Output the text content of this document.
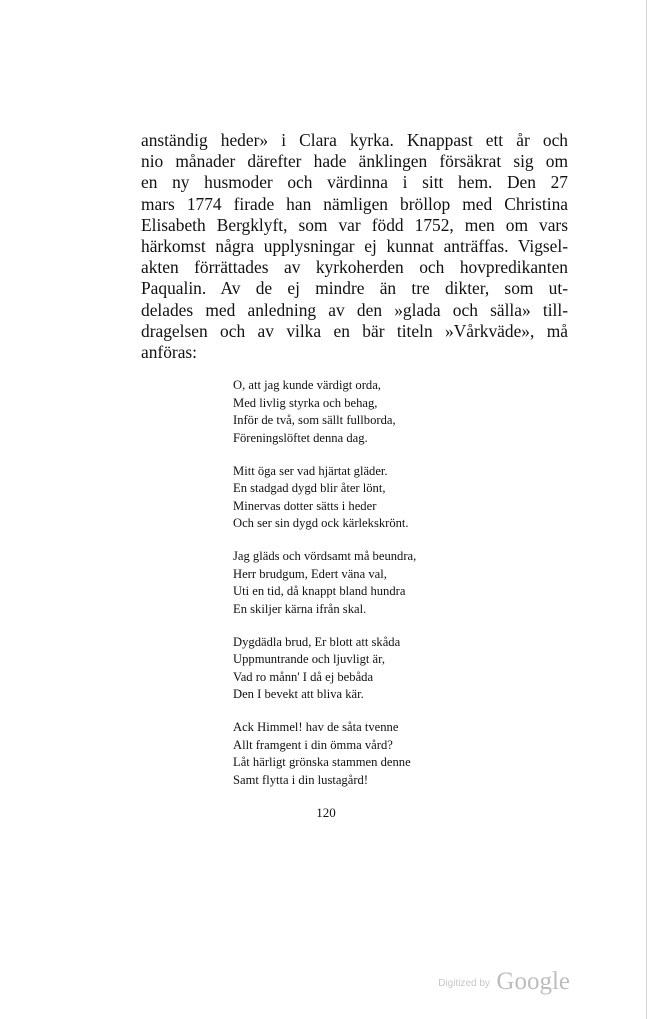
anständig heder» i Clara kyrka. Knappast ett år och
nio månader därefter hade änklingen försäkrat sig om
en ny husmoder och värdinna i sitt hem. Den 27
mars 1774 firade han nämligen bröllop med Christina
Elisabeth Bergklyft, som var född 1752, men om vars
härkomst några upplysningar ej kunnat anträffas. Vigsel-
akten förrättades av kyrkoherden och hovpredikanten
Paqualin. Av de ej mindre än tre dikter, som ut-
delades med anledning av den »glada och sälla» till-
dragelsen och av vilka en bär titeln »Vårkväde», må
anföras:
O, att jag kunde värdigt orda,
Med livlig styrka och behag,
Inför de två, som sällt fullborda,
Föreningslöftet denna dag.
Mitt öga ser vad hjärtat gläder.
En stadgad dygd blir åter lönt,
Minervas dotter sätts i heder
Och ser sin dygd ock kärlekskrönt.
Jag gläds och vördsamt må beundra,
Herr brudgum, Edert väna val,
Uti en tid, då knappt bland hundra
En skiljer kärna ifrån skal.
Dygdädla brud, Er blott att skåda
Uppmuntrande och ljuvligt är,
Vad ro månn' I då ej bebåda
Den I bevekt att bliva kär.
Ack Himmel! hav de såta tvenne
Allt framgent i din ömma vård?
Låt härligt grönska stammen denne
Samt flytta i din lustagård!
120
Digitized by Google
